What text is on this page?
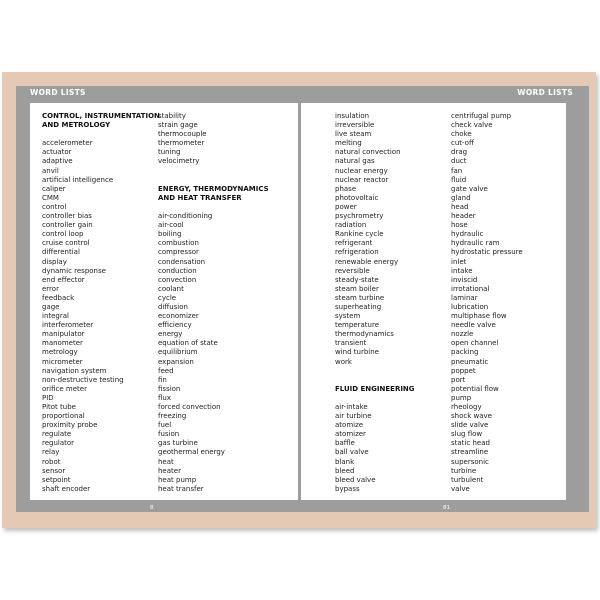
WORD LISTS	WORD LISTS
8	81
CONTROL, INSTRUMENTATION
AND METROLOGY
accelerometer
actuator
adaptive
anvil
artificial intelligence
caliper
CMM
control
controller bias
controller gain
control loop
cruise control
differential
display
dynamic response
end effector
error
feedback
gage
integral
interferometer
manipulator
manometer
metrology
micrometer
navigation system
non-destructive testing
orifice meter
PID
Pitot tube
proportional
proximity probe
regulate
regulator
relay
robot
sensor
setpoint
shaft encoder
stability
strain gage
thermocouple
thermometer
tuning
velocimetry
ENERGY, THERMODYNAMICS
AND HEAT TRANSFER
air-conditioning
air-cool
boiling
combustion
compressor
condensation
conduction
convection
coolant
cycle
diffusion
economizer
efficiency
energy
equation of state
equilibrium
expansion
feed
fin
fission
flux
forced convection
freezing
fuel
fusion
gas turbine
geothermal energy
heat
heater
heat pump
heat transfer
insulation
irreversible
live steam
melting
natural convection
natural gas
nuclear energy
nuclear reactor
phase
photovoltaic
power
psychrometry
radiation
Rankine cycle
refrigerant
refrigeration
renewable energy
reversible
steady-state
steam boiler
steam turbine
superheating
system
temperature
thermodynamics
transient
wind turbine
work
FLUID ENGINEERING
air-intake
air turbine
atomize
atomizer
baffle
ball valve
blank
bleed
bleed valve
bypass
centrifugal pump
check valve
choke
cut-off
drag
duct
fan
fluid
gate valve
gland
head
header
hose
hydraulic
hydraulic ram
hydrostatic pressure
inlet
intake
inviscid
irrotational
laminar
lubrication
multiphase flow
needle valve
nozzle
open channel
packing
pneumatic
poppet
port
potential flow
pump
rheology
shock wave
slide valve
slug flow
static head
streamline
supersonic
turbine
turbulent
valve
